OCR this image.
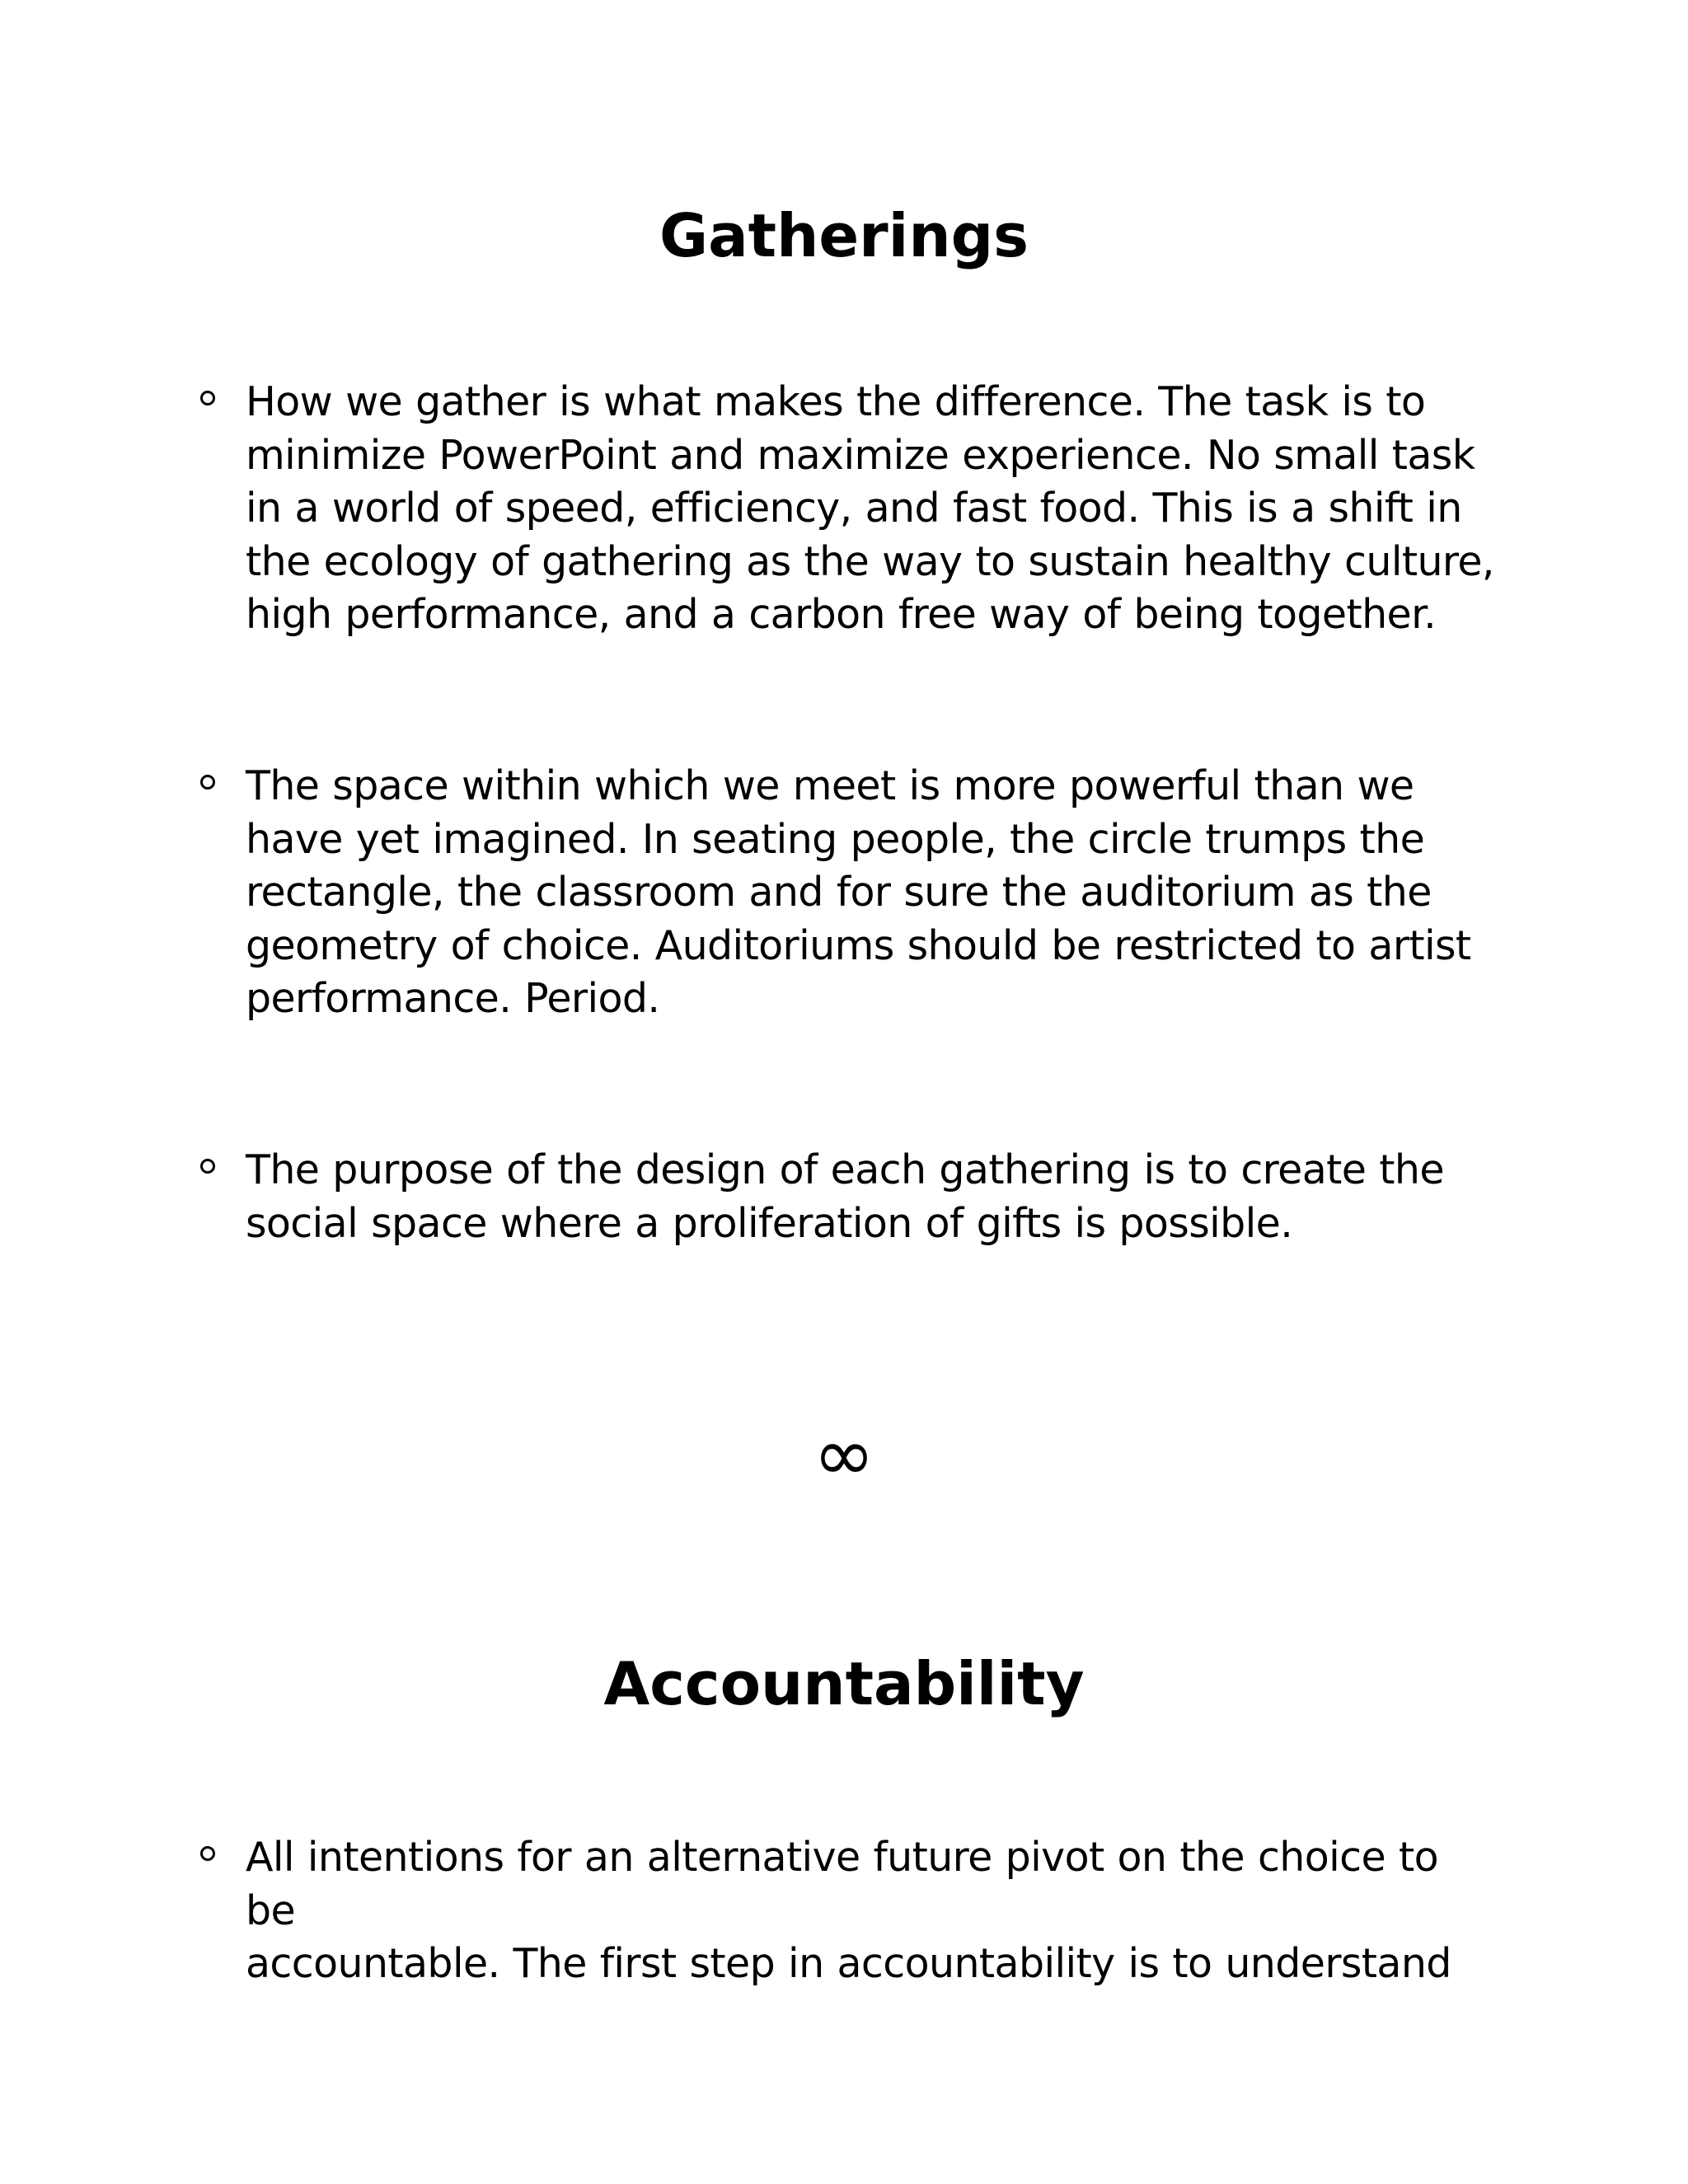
Gatherings

How we gather is what makes the difference. The task is to
minimize PowerPoint and maximize experience. No small task
in a world of speed, efficiency, and fast food. This is a shift in
the ecology of gathering as the way to sustain healthy culture,
high performance, and a carbon free way of being together.

The space within which we meet is more powerful than we
have yet imagined. In seating people, the circle trumps the
rectangle, the classroom and for sure the auditorium as the
geometry of choice. Auditoriums should be restricted to artist
performance. Period.

The purpose of the design of each gathering is to create the
social space where a proliferation of gifts is possible.

∞
Accountability

All intentions for an alternative future pivot on the choice to be
accountable. The first step in accountability is to understand
